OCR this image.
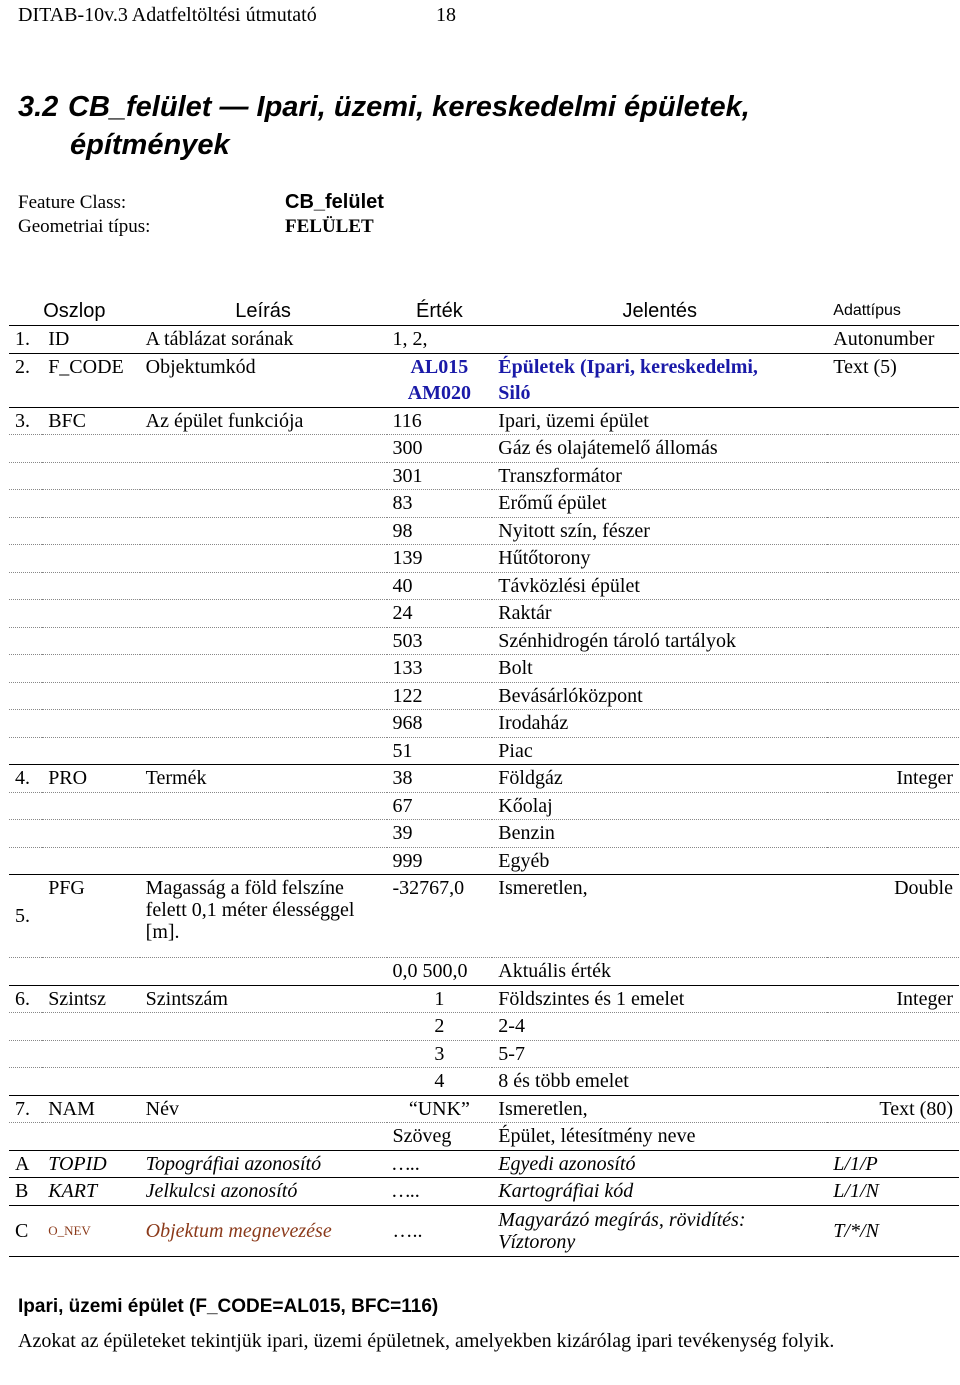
DITAB-10v.3 Adatfeltöltési útmutató	18
3.2 CB_felület — Ipari, üzemi, kereskedelmi épületek,
építmények
Feature Class:	CB_felület
Geometriai típus:	FELÜLET
Oszlop		Leírás	Érték	Jelentés	Adattípus
1.	ID	A táblázat sorának	1, 2,		Autonumber
2.	F_CODE	Objektumkód	AL015	Épületek (Ipari, kereskedelmi,	Text (5)
			AM020	Siló	
3.	BFC	Az épület funkciója	116	Ipari, üzemi épület	
			300	Gáz és olajátemelő állomás	
			301	Transzformátor	
			83	Erőmű épület	
			98	Nyitott szín, fészer	
			139	Hűtőtorony	
			40	Távközlési épület	
			24	Raktár	
			503	Szénhidrogén tároló tartályok	
			133	Bolt	
			122	Bevásárlóközpont	
			968	Irodaház	
			51	Piac	
4.	PRO	Termék	38	Földgáz	Integer
			67	Kőolaj	
			39	Benzin	
			999	Egyéb	
5.	PFG	Magasság a föld felszíne felett 0,1 méter élességgel [m].	-32767,0	Ismeretlen,	Double
			0,0 500,0	Aktuális érték	
6.	Szintsz	Szintszám	1	Földszintes és 1 emelet	Integer
			2	2-4	
			3	5-7	
			4	8 és több emelet	
7.	NAM	Név	“UNK”	Ismeretlen,	Text (80)
			Szöveg	Épület, létesítmény neve	
A	TOPID	Topográfiai azonosító	…..	Egyedi azonosító	L/1/P
B	KART	Jelkulcsi azonosító	…..	Kartográfiai kód	L/1/N
C	O_NEV	Objektum megnevezése	…..	Magyarázó megírás, rövidítés: Víztorony	T/*/N
Ipari, üzemi épület (F_CODE=AL015, BFC=116)
Azokat az épületeket tekintjük ipari, üzemi épületnek, amelyekben kizárólag ipari tevékenység folyik.
